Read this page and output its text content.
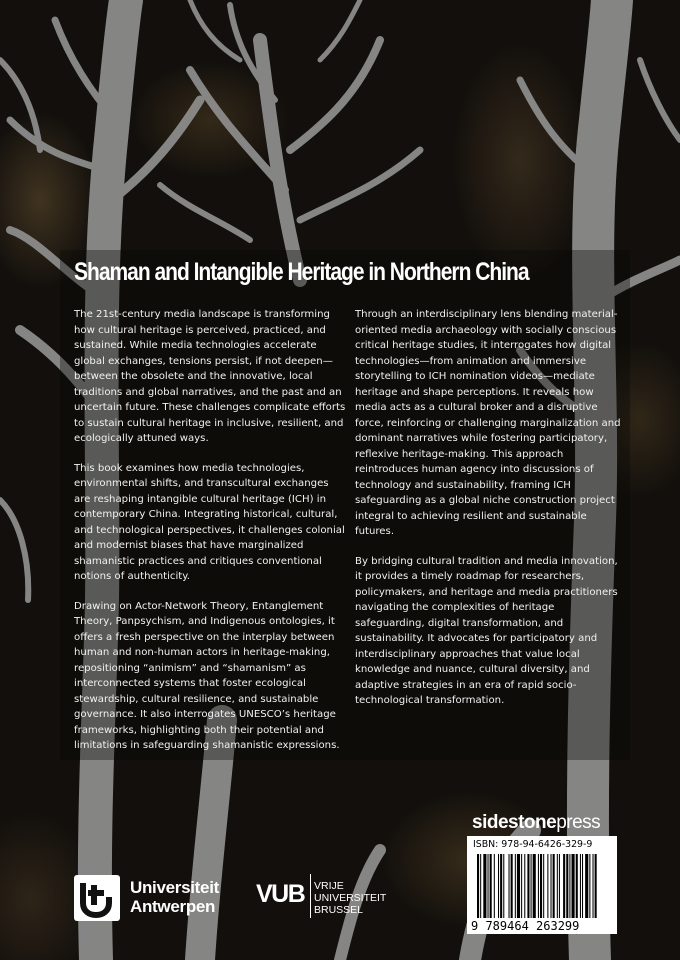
Shaman and Intangible Heritage in Northern China

The 21st-century media landscape is transforming how cultural heritage is perceived, practiced, and sustained. While media technologies accelerate global exchanges, tensions persist, if not deepen—between the obsolete and the innovative, local traditions and global narratives, and the past and an uncertain future. These challenges complicate efforts to sustain cultural heritage in inclusive, resilient, and ecologically attuned ways.

This book examines how media technologies, environmental shifts, and transcultural exchanges are reshaping intangible cultural heritage (ICH) in contemporary China. Integrating historical, cultural, and technological perspectives, it challenges colonial and modernist biases that have marginalized shamanistic practices and critiques conventional notions of authenticity.

Drawing on Actor-Network Theory, Entanglement Theory, Panpsychism, and Indigenous ontologies, it offers a fresh perspective on the interplay between human and non-human actors in heritage-making, repositioning “animism” and “shamanism” as interconnected systems that foster ecological stewardship, cultural resilience, and sustainable governance. It also interrogates UNESCO’s heritage frameworks, highlighting both their potential and limitations in safeguarding shamanistic expressions.

Through an interdisciplinary lens blending material-oriented media archaeology with socially conscious critical heritage studies, it interrogates how digital technologies—from animation and immersive storytelling to ICH nomination videos—mediate heritage and shape perceptions. It reveals how media acts as a cultural broker and a disruptive force, reinforcing or challenging marginalization and dominant narratives while fostering participatory, reflexive heritage-making. This approach reintroduces human agency into discussions of technology and sustainability, framing ICH safeguarding as a global niche construction project integral to achieving resilient and sustainable futures.

By bridging cultural tradition and media innovation, it provides a timely roadmap for researchers, policymakers, and heritage and media practitioners navigating the complexities of heritage safeguarding, digital transformation, and sustainability. It advocates for participatory and interdisciplinary approaches that value local knowledge and nuance, cultural diversity, and adaptive strategies in an era of rapid socio-technological transformation.

sidestonepress
ISBN: 978-94-6426-329-9
9 789464 263299
Universiteit
Antwerpen VUB VRIJE
UNIVERSITEIT
BRUSSEL
